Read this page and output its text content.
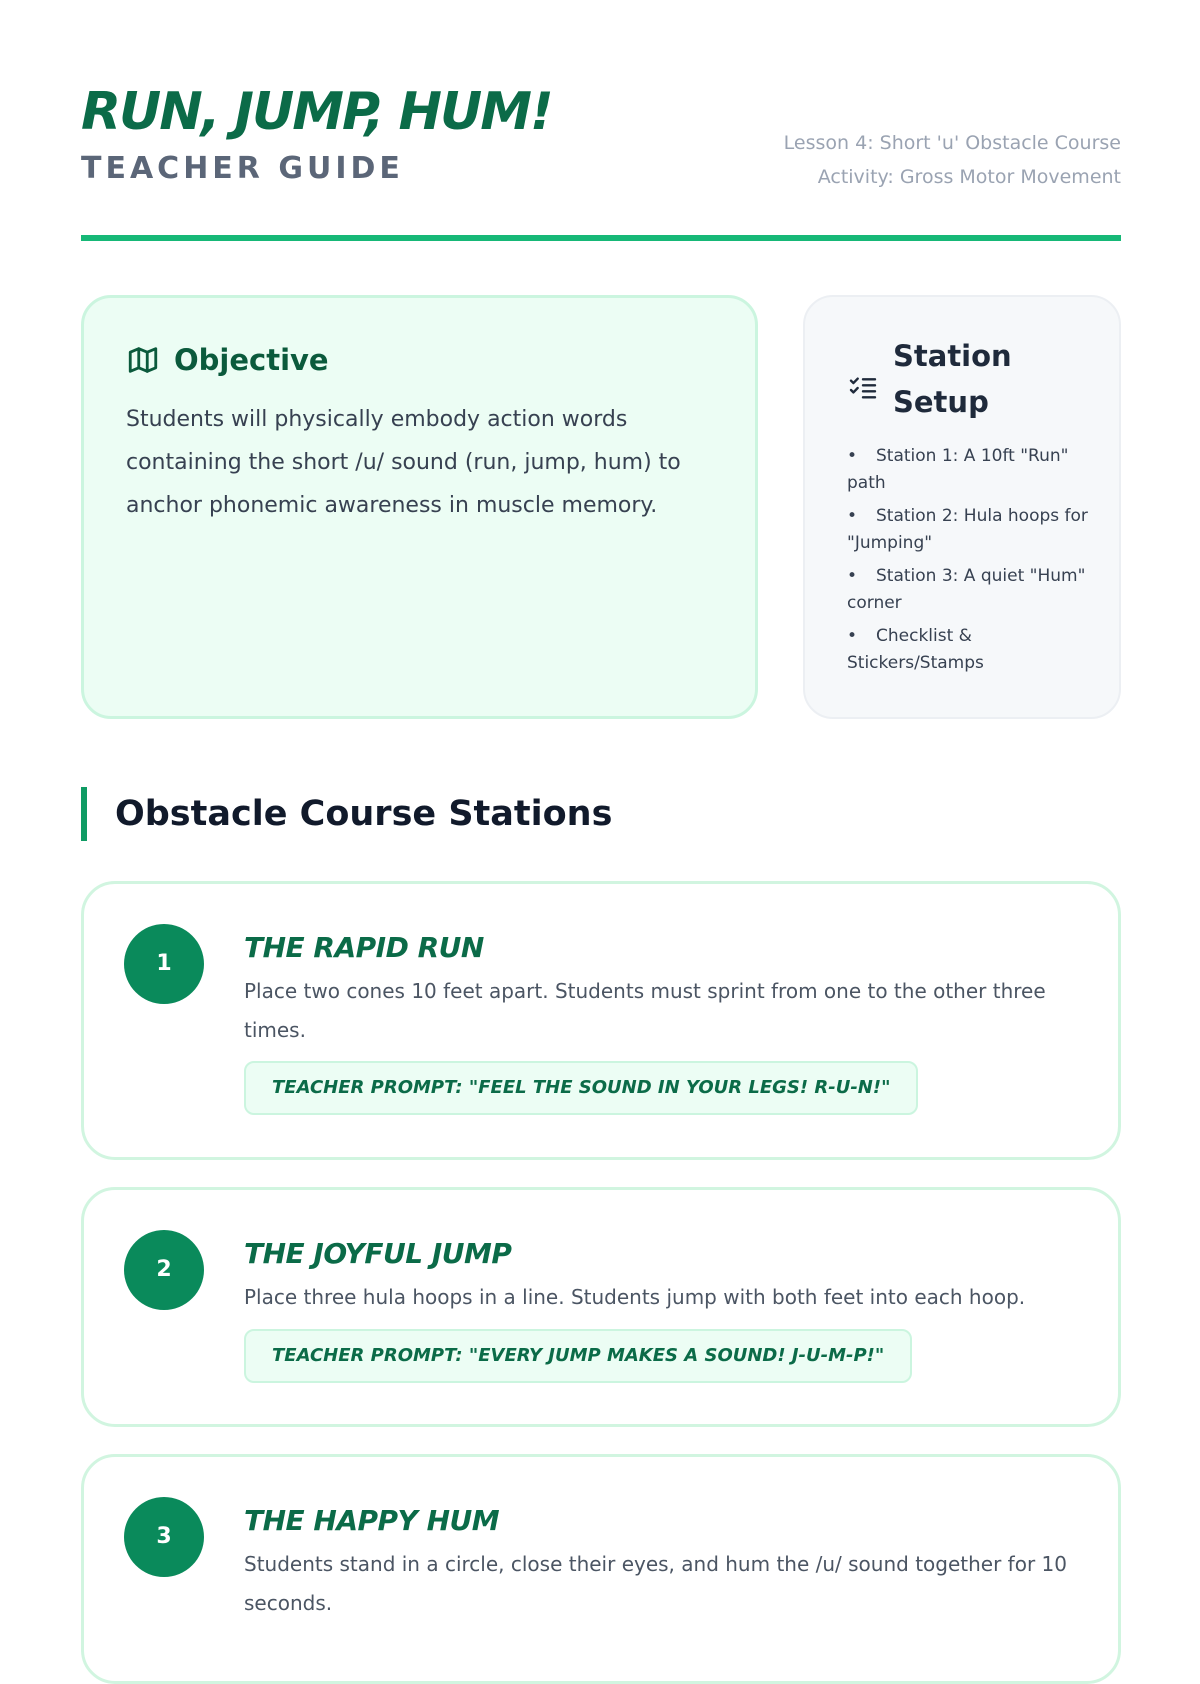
RUN, JUMP, HUM!
TEACHER GUIDE
Lesson 4: Short 'u' Obstacle Course
Activity: Gross Motor Movement
Objective

Students will physically embody action words containing the short /u/ sound (run, jump, hum) to anchor phonemic awareness in muscle memory.

Station Setup
• Station 1: A 10ft "Run" path
• Station 2: Hula hoops for "Jumping"
• Station 3: A quiet "Hum" corner
• Checklist & Stickers/Stamps
Obstacle Course Stations
1	THE RAPID RUN

Place two cones 10 feet apart. Students must sprint from one to the other three times.

TEACHER PROMPT: "FEEL THE SOUND IN YOUR LEGS! R-U-N!"
2	THE JOYFUL JUMP

Place three hula hoops in a line. Students jump with both feet into each hoop.

TEACHER PROMPT: "EVERY JUMP MAKES A SOUND! J-U-M-P!"
3	THE HAPPY HUM

Students stand in a circle, close their eyes, and hum the /u/ sound together for 10 seconds.
